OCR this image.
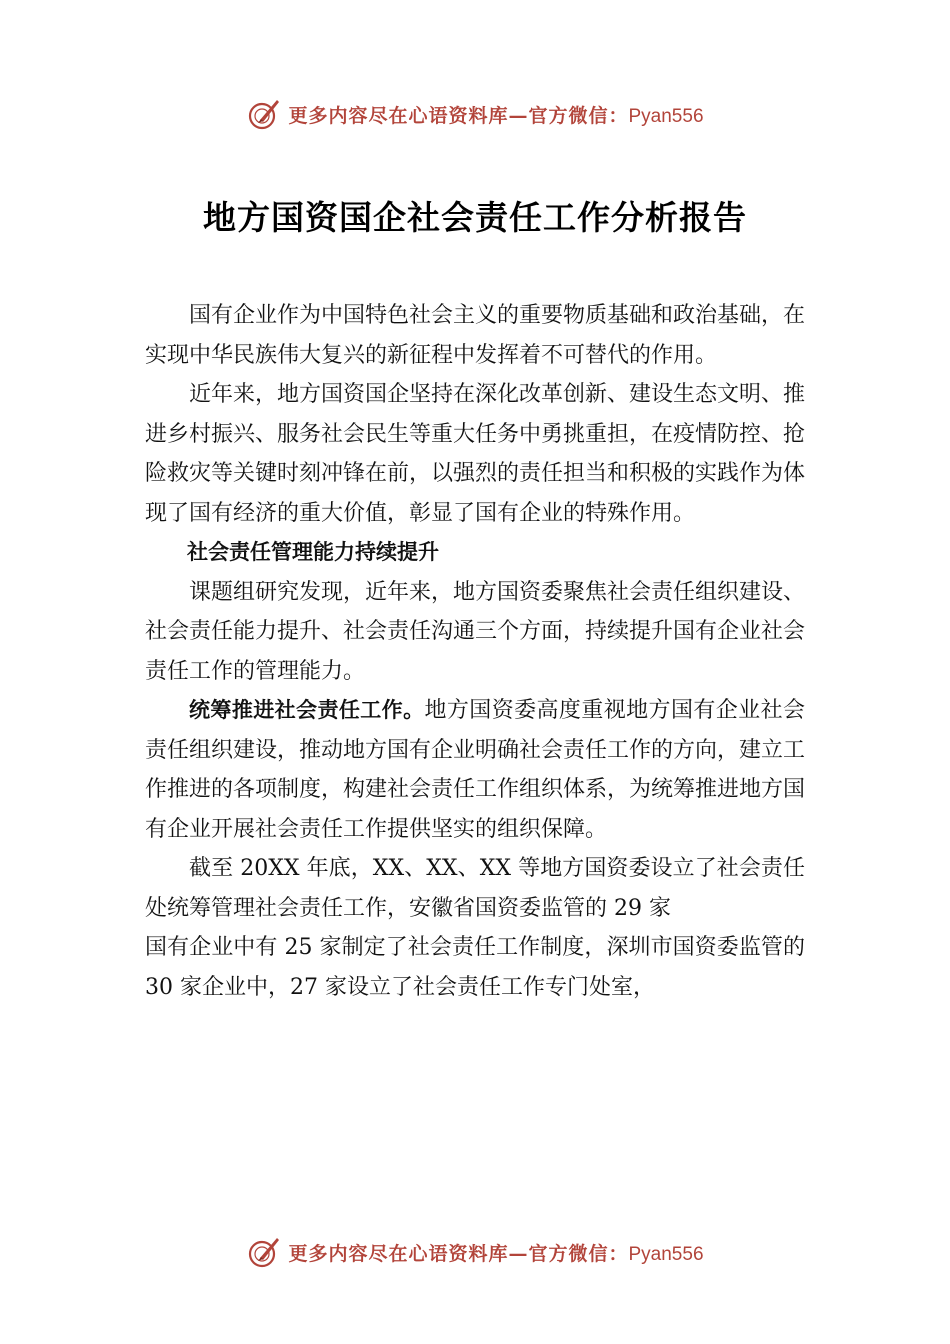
更多内容尽在心语资料库—官方微信：Pyan556
地方国资国企社会责任工作分析报告

国有企业作为中国特色社会主义的重要物质基础和政治基础，在实现中华民族伟大复兴的新征程中发挥着不可替代的作用。

近年来，地方国资国企坚持在深化改革创新、建设生态文明、推进乡村振兴、服务社会民生等重大任务中勇挑重担，在疫情防控、抢险救灾等关键时刻冲锋在前，以强烈的责任担当和积极的实践作为体现了国有经济的重大价值，彰显了国有企业的特殊作用。

社会责任管理能力持续提升

课题组研究发现，近年来，地方国资委聚焦社会责任组织建设、社会责任能力提升、社会责任沟通三个方面，持续提升国有企业社会责任工作的管理能力。

统筹推进社会责任工作。地方国资委高度重视地方国有企业社会责任组织建设，推动地方国有企业明确社会责任工作的方向，建立工作推进的各项制度，构建社会责任工作组织体系，为统筹推进地方国有企业开展社会责任工作提供坚实的组织保障。

截至 20XX 年底，XX、XX、XX 等地方国资委设立了社会责任处统筹管理社会责任工作，安徽省国资委监管的 29 家

国有企业中有 25 家制定了社会责任工作制度，深圳市国资委监管的 30 家企业中，27 家设立了社会责任工作专门处室，

更多内容尽在心语资料库—官方微信：Pyan556
